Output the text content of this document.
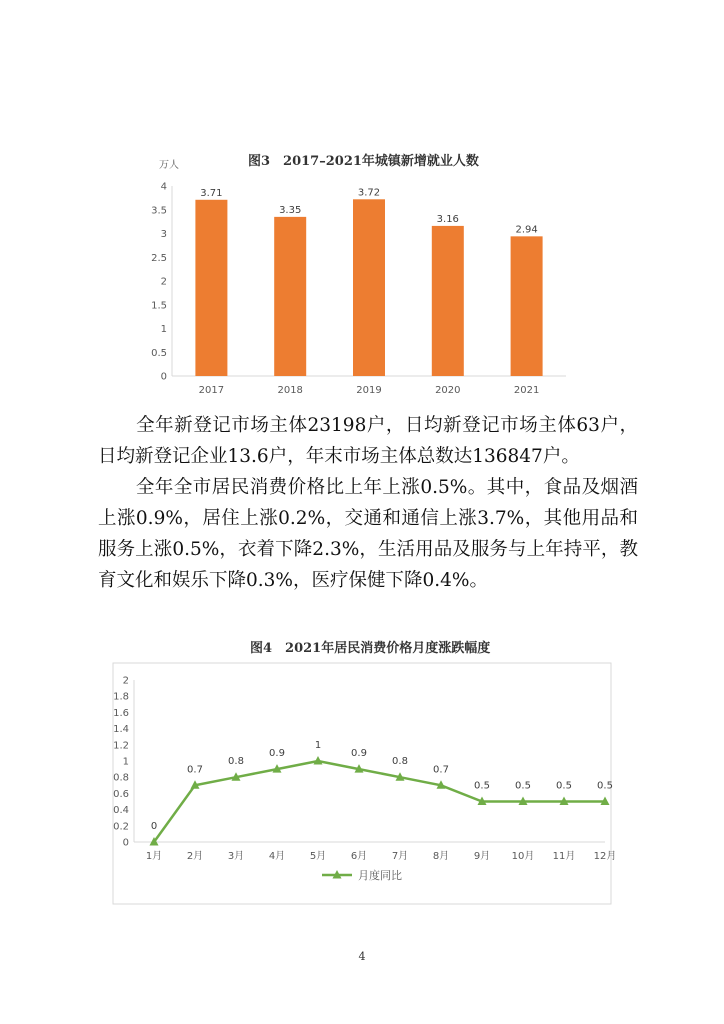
图3　2017–2021年城镇新增就业人数
万人
0
0.5
1
1.5
2
2.5
3
3.5
4
3.71
2017
3.35
2018
3.72
2019
3.16
2020
2.94
2021

　　全年新登记市场主体23198户，日均新登记市场主体63户，日均新登记企业13.6户，年末市场主体总数达136847户。

　　全年全市居民消费价格比上年上涨0.5%。其中，食品及烟酒上涨0.9%，居住上涨0.2%，交通和通信上涨3.7%，其他用品和服务上涨0.5%，衣着下降2.3%，生活用品及服务与上年持平，教育文化和娱乐下降0.3%，医疗保健下降0.4%。

图4　2021年居民消费价格月度涨跌幅度
0
0.2
0.4
0.6
0.8
1
1.2
1.4
1.6
1.8
2
1月 2月 3月 4月 5月 6月 7月 8月 9月 10月 11月 12月
0
0.7
0.8
0.9
1
0.9
0.8
0.7
0.5	0.5	0.5	0.5
月度同比
4
